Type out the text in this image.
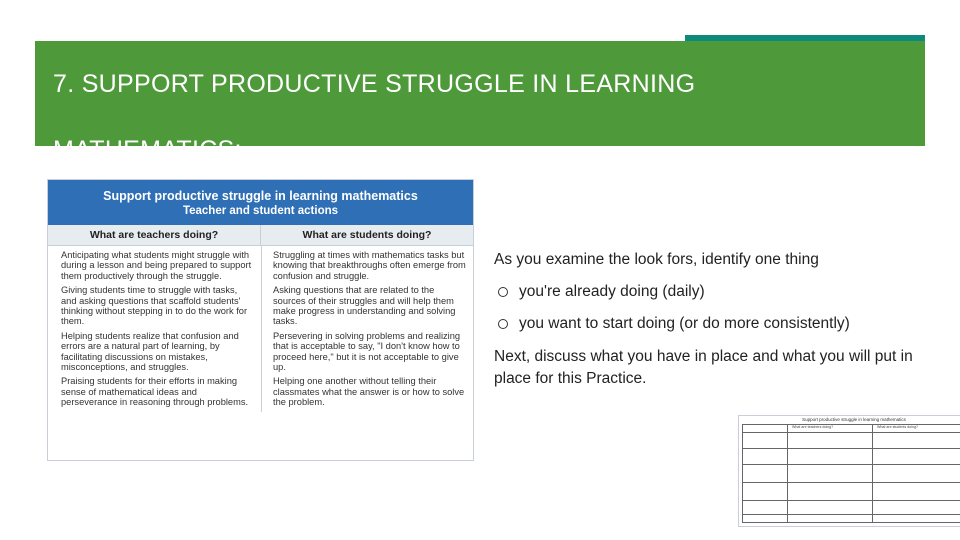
7. SUPPORT PRODUCTIVE STRUGGLE IN LEARNING

MATHEMATICS:

Support productive struggle in learning mathematics
Teacher and student actions
What are teachers doing?	What are students doing?

Anticipating what students might struggle with during a lesson and being prepared to support them productively through the struggle.

Giving students time to struggle with tasks, and asking questions that scaffold students' thinking without stepping in to do the work for them.

Helping students realize that confusion and errors are a natural part of learning, by facilitating discussions on mistakes, misconceptions, and struggles.

Praising students for their efforts in making sense of mathematical ideas and perseverance in reasoning through problems.

Struggling at times with mathematics tasks but knowing that breakthroughs often emerge from confusion and struggle.

Asking questions that are related to the sources of their struggles and will help them make progress in understanding and solving tasks.

Persevering in solving problems and realizing that is acceptable to say, "I don't know how to proceed here," but it is not acceptable to give up.

Helping one another without telling their classmates what the answer is or how to solve the problem.

As you examine the look fors, identify one thing
you're already doing (daily)
you want to start doing (or do more consistently)
Next, discuss what you have in place and what you will put in place for this Practice.
Support productive struggle in learning mathematics
What are teachers doing?	What are students doing?
